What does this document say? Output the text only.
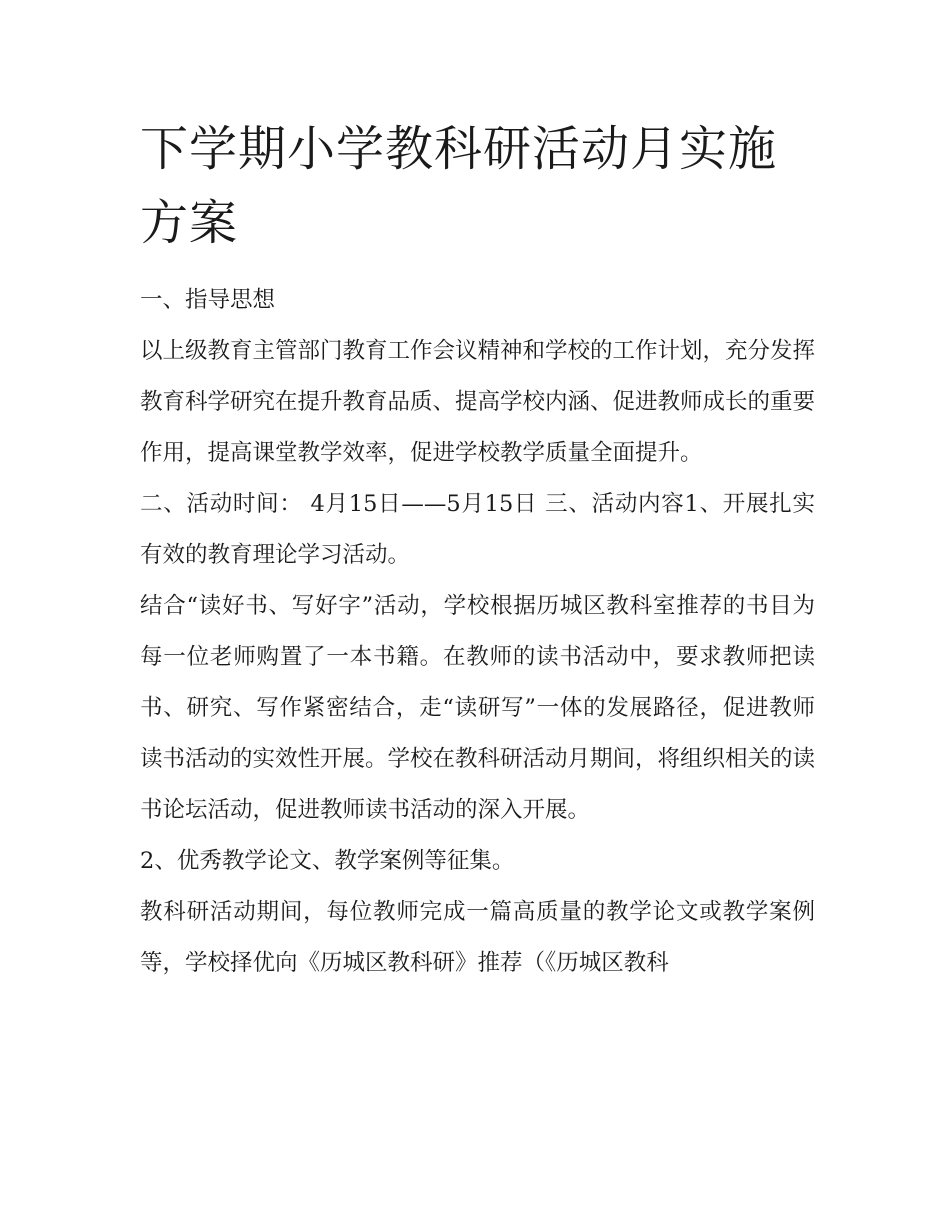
下学期小学教科研活动月实施方案

一、指导思想

以上级教育主管部门教育工作会议精神和学校的工作计划，充分发挥教育科学研究在提升教育品质、提高学校内涵、促进教师成长的重要作用，提高课堂教学效率，促进学校教学质量全面提升。

二、活动时间： 4月15日——5月15日 三、活动内容1、开展扎实有效的教育理论学习活动。

结合“读好书、写好字”活动，学校根据历城区教科室推荐的书目为每一位老师购置了一本书籍。在教师的读书活动中，要求教师把读书、研究、写作紧密结合，走“读研写”一体的发展路径，促进教师读书活动的实效性开展。学校在教科研活动月期间，将组织相关的读书论坛活动，促进教师读书活动的深入开展。

2、优秀教学论文、教学案例等征集。

教科研活动期间，每位教师完成一篇高质量的教学论文或教学案例等，学校择优向《历城区教科研》推荐（《历城区教科
